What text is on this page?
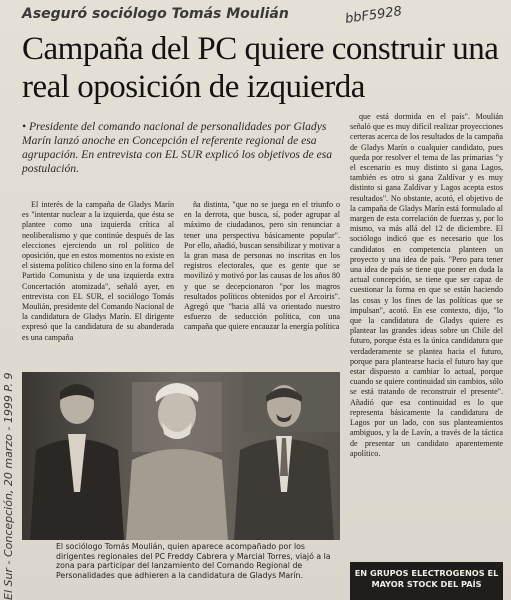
Aseguró sociólogo Tomás Moulián	bbF5928
Campaña del PC quiere construir una real oposición de izquierda
• Presidente del comando nacional de personalidades por Gladys Marín lanzó anoche en Concepción el referente regional de esa agrupación. En entrevista con EL SUR explicó los objetivos de esa postulación.
El Sur - Concepción, 20 marzo - 1999 P. 9

El interés de la campaña de Gladys Marín es "intentar nuclear a la izquierda, que ésta se plantee como una izquierda crítica al neoliberalismo y que continúe después de las elecciones ejerciendo un rol político de oposición, que en estos momentos no existe en el sistema político chileno sino en la forma del Partido Comunista y de una izquierda extra Concertación atomizada", señaló ayer, en entrevista con EL SUR, el sociólogo Tomás Moulián, presidente del Comando Nacional de la candidatura de Gladys Marín. El dirigente expresó que la candidatura de su abanderada es una campaña

ña distinta, "que no se juega en el triunfo o en la derrota, que busca, sí, poder agrupar al máximo de ciudadanos, pero sin renunciar a tener una perspectiva básicamente popular". Por ello, añadió, buscan sensibilizar y motivar a la gran masa de personas no inscritas en los registros electorales, que es gente que se movilizó y motivó por las causas de los años 80 y que se decepcionaron "por los magros resultados políticos obtenidos por el Arcoiris". Agregó que "hacia allá va orientado nuestro esfuerzo de seducción política, con una campaña que quiere encauzar la energía política

que está dormida en el país". Moulián señaló que es muy difícil realizar proyecciones certeras acerca de los resultados de la campaña de Gladys Marín o cualquier candidato, pues queda por resolver el tema de las primarias "y el escenario es muy distinto si gana Lagos, también es otro si gana Zaldívar y es muy distinto si gana Zaldívar y Lagos acepta estos resultados". No obstante, acotó, el objetivo de la campaña de Gladys Marín está formulado al margen de esta correlación de fuerzas y, por lo mismo, va más allá del 12 de diciembre. El sociólogo indicó que es necesario que los candidatos en competencia planteen un proyecto y una idea de país. "Pero para tener una idea de país se tiene que poner en duda la actual concepción, se tiene que ser capaz de cuestionar la forma en que se están haciendo las cosas y los fines de las políticas que se impulsan", acotó. En ese contexto, dijo, "lo que la candidatura de Gladys quiere es plantear las grandes ideas sobre un Chile del futuro, porque ésta es la única candidatura que verdaderamente se plantea hacia el futuro, porque para plantearse hacia el futuro hay que estar dispuesto a cambiar lo actual, porque cuando se quiere continuidad sin cambios, sólo se está tratando de reconstruir el presente". Añadió que esa continuidad es lo que representa básicamente la candidatura de Lagos por un lado, con sus planteamientos ambiguos, y la de Lavín, a través de la táctica de presentar un candidato aparentemente apolítico.

El sociólogo Tomás Moulián, quien aparece acompañado por los dirigentes regionales del PC Freddy Cabrera y Marcial Torres, viajó a la zona para participar del lanzamiento del Comando Regional de Personalidades que adhieren a la candidatura de Gladys Marín.	EN GRUPOS ELECTROGENOS EL MAYOR STOCK DEL PAÍS
